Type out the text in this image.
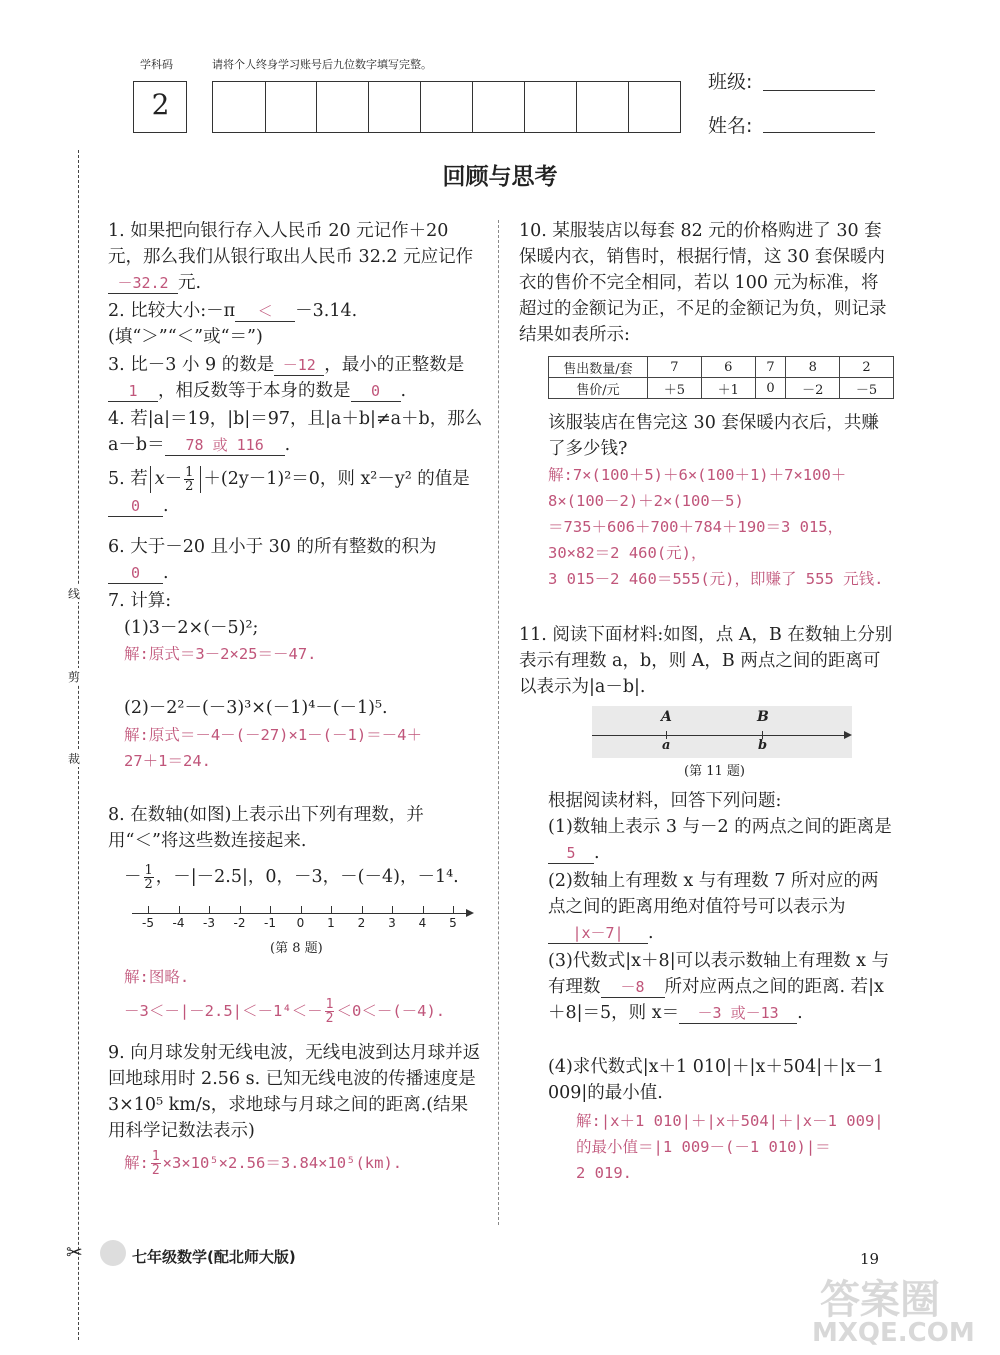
学科码	请将个人终身学习账号后九位数字填写完整。
2
班级:
姓名:
回顾与思考
线
剪
裁
1. 如果把向银行存入人民币 20 元记作＋20 元，那么我们从银行取出人民币 32.2 元应记作－32.2 元.
2. 比较大小:－π ＜ －3.14.(填“＞”“＜”或“＝”)
3. 比－3 小 9 的数是 －12 ，最小的正整数是1 ，相反数等于本身的数是 0 .
4. 若|a|＝19，|b|＝97，且|a＋b|≠a＋b，那么 a－b＝ 78 或 116 .
5. 若 $x- \frac{1}{2} +(2y-1)^2=0$，则 x²－y² 的值是0 .
6. 大于－20 且小于 30 的所有整数的积为0 .
7. 计算:
(1)3－2×(－5)²;
解:原式＝3－2×25＝－47.
(2)－2²－(－3)³×(－1)⁴－(－1)⁵.
解:原式＝－4－(－27)×1－(－1)＝－4＋
27＋1＝24.
8. 在数轴(如图)上表示出下列有理数，并用“＜”将这些数连接起来.
－ $\frac{1}{2}$ ，－|－2.5|，0，－3，－(－4)，－1⁴.
-5 -4 -3 -2 -1 0 1 2 3 4 5
(第 8 题)
解:图略.
$-3<-|-2.5|<-1^4<- \frac{1}{2} <0<-(-4)$.
9. 向月球发射无线电波，无线电波到达月球并返回地球用时 2.56 s. 已知无线电波的传播速度是3×10⁵ km/s，求地球与月球之间的距离.(结果用科学记数法表示)
解: $\frac{1}{2} \times 3\times 10^5\times 2.56=3.84\times 10^5(km)$.
10. 某服装店以每套 82 元的价格购进了 30 套保暖内衣，销售时，根据行情，这 30 套保暖内衣的售价不完全相同，若以 100 元为标准，将超过的金额记为正，不足的金额记为负，则记录结果如表所示:
售出数量/套	7	6	7	8	2
售价/元	＋5	＋1	0	－2	－5
该服装店在售完这 30 套保暖内衣后，共赚了多少钱?
解:7×(100＋5)＋6×(100＋1)＋7×100＋
8×(100－2)＋2×(100－5)
＝735＋606＋700＋784＋190＝3 015，
30×82＝2 460(元)，
3 015－2 460＝555(元)，即赚了 555 元钱.
11. 阅读下面材料:如图，点 A，B 在数轴上分别表示有理数 a，b，则 A，B 两点之间的距离可以表示为|a－b|.
A
a
B
b
(第 11 题)
根据阅读材料，回答下列问题:
(1)数轴上表示 3 与－2 的两点之间的距离是5 .
(2)数轴上有理数 x 与有理数 7 所对应的两点之间的距离用绝对值符号可以表示为|x－7| .
(3)代数式|x＋8|可以表示数轴上有理数 x 与有理数 －8 所对应两点之间的距离. 若|x＋8|＝5，则 x＝ －3 或－13 .
(4)求代数式|x＋1 010|＋|x＋504|＋|x－1 009|的最小值.
解:|x＋1 010|＋|x＋504|＋|x－1 009|
的最小值＝|1 009－(－1 010)|＝
2 019.
✂	七年级数学(配北师大版)	19
答案圈
MXQE.COM
